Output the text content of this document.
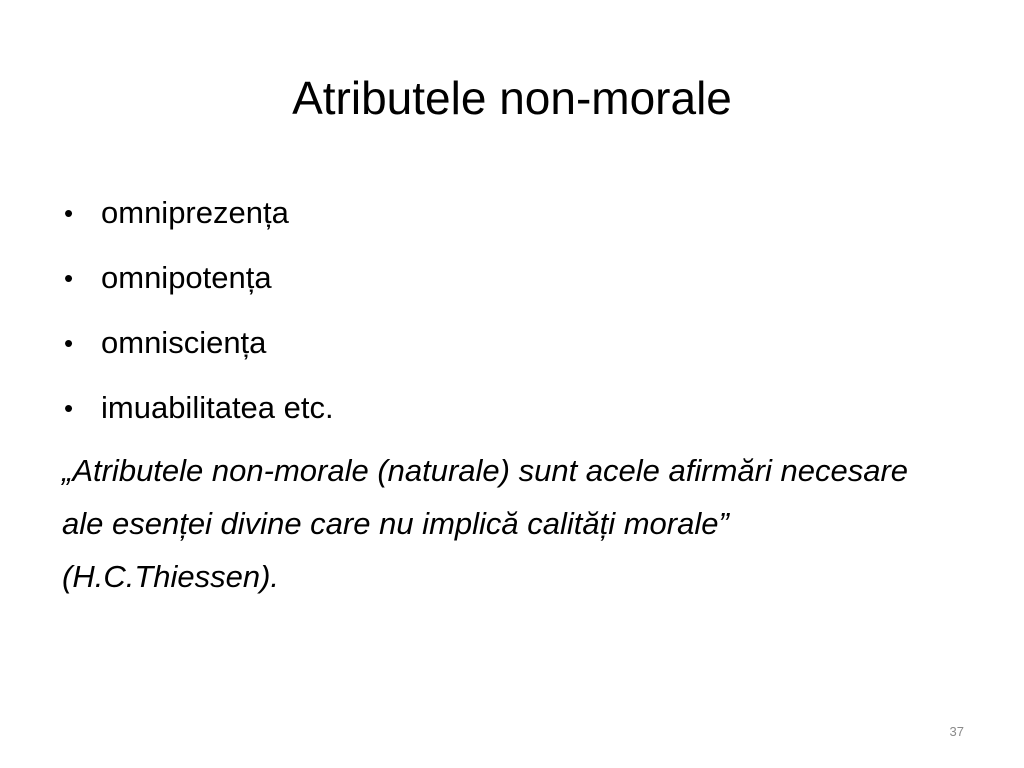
Atributele non-morale
• omniprezența
• omnipotența
• omnisciența
• imuabilitatea etc.

„Atributele non-morale (naturale) sunt acele afirmări necesare ale esenței divine care nu implică calități morale” (H.C.Thiessen).

37
